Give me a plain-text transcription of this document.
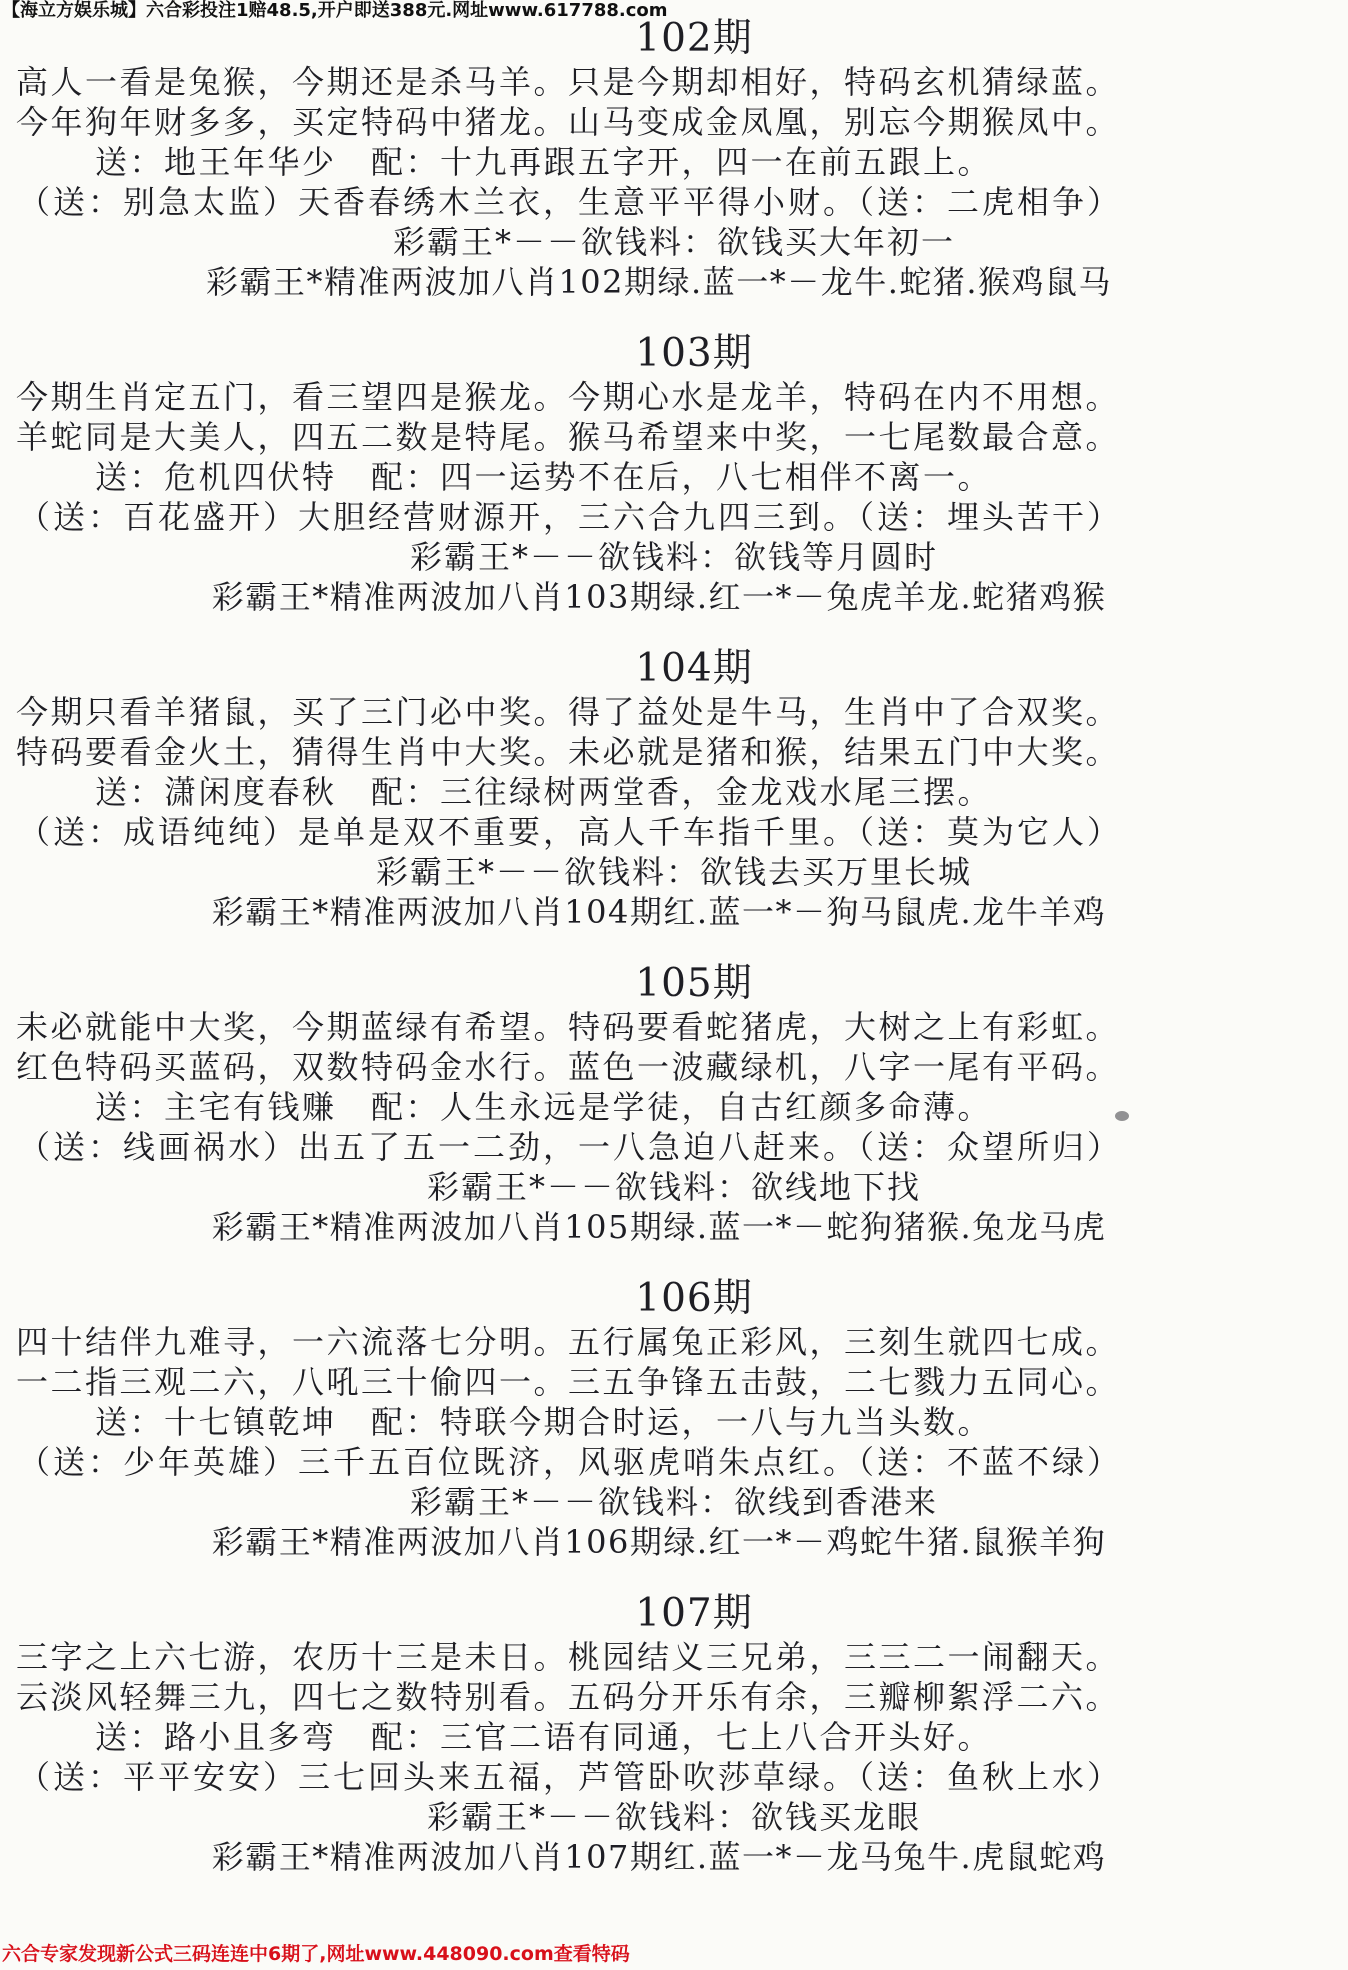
【海立方娱乐城】六合彩投注1赔48.5,开户即送388元.网址www.617788.com
102期
高人一看是兔猴，今期还是杀马羊。只是今期却相好，特码玄机猜绿蓝。
今年狗年财多多，买定特码中猪龙。山马变成金凤凰，别忘今期猴凤中。
送：地王年华少　配：十九再跟五字开，四一在前五跟上。
（送：别急太监）天香春绣木兰衣，生意平平得小财。（送：二虎相争）
彩霸王*－－欲钱料：欲钱买大年初一
彩霸王*精准两波加八肖102期绿.蓝一*－龙牛.蛇猪.猴鸡鼠马
103期
今期生肖定五门，看三望四是猴龙。今期心水是龙羊，特码在内不用想。
羊蛇同是大美人，四五二数是特尾。猴马希望来中奖，一七尾数最合意。
送：危机四伏特　配：四一运势不在后，八七相伴不离一。
（送：百花盛开）大胆经营财源开，三六合九四三到。（送：埋头苦干）
彩霸王*－－欲钱料：欲钱等月圆时
彩霸王*精准两波加八肖103期绿.红一*－兔虎羊龙.蛇猪鸡猴
104期
今期只看羊猪鼠，买了三门必中奖。得了益处是牛马，生肖中了合双奖。
特码要看金火土，猜得生肖中大奖。未必就是猪和猴，结果五门中大奖。
送：潇闲度春秋　配：三往绿树两堂香，金龙戏水尾三摆。
（送：成语纯纯）是单是双不重要，高人千车指千里。（送：莫为它人）
彩霸王*－－欲钱料：欲钱去买万里长城
彩霸王*精准两波加八肖104期红.蓝一*－狗马鼠虎.龙牛羊鸡
105期
未必就能中大奖，今期蓝绿有希望。特码要看蛇猪虎，大树之上有彩虹。
红色特码买蓝码，双数特码金水行。蓝色一波藏绿机，八字一尾有平码。
送：主宅有钱赚　配：人生永远是学徒，自古红颜多命薄。
（送：线画祸水）出五了五一二劲，一八急迫八赶来。（送：众望所归）
彩霸王*－－欲钱料：欲线地下找
彩霸王*精准两波加八肖105期绿.蓝一*－蛇狗猪猴.兔龙马虎
106期
四十结伴九难寻，一六流落七分明。五行属兔正彩风，三刻生就四七成。
一二指三观二六，八吼三十偷四一。三五争锋五击鼓，二七戮力五同心。
送：十七镇乾坤　配：特联今期合时运，一八与九当头数。
（送：少年英雄）三千五百位既济，风驱虎哨朱点红。（送：不蓝不绿）
彩霸王*－－欲钱料：欲线到香港来
彩霸王*精准两波加八肖106期绿.红一*－鸡蛇牛猪.鼠猴羊狗
107期
三字之上六七游，农历十三是未日。桃园结义三兄弟，三三二一闹翻天。
云淡风轻舞三九，四七之数特别看。五码分开乐有余，三瓣柳絮浮二六。
送：路小且多弯　配：三官二语有同通，七上八合开头好。
（送：平平安安）三七回头来五福，芦管卧吹莎草绿。（送：鱼秋上水）
彩霸王*－－欲钱料：欲钱买龙眼
彩霸王*精准两波加八肖107期红.蓝一*－龙马兔牛.虎鼠蛇鸡
六合专家发现新公式三码连连中6期了,网址www.448090.com查看特码
